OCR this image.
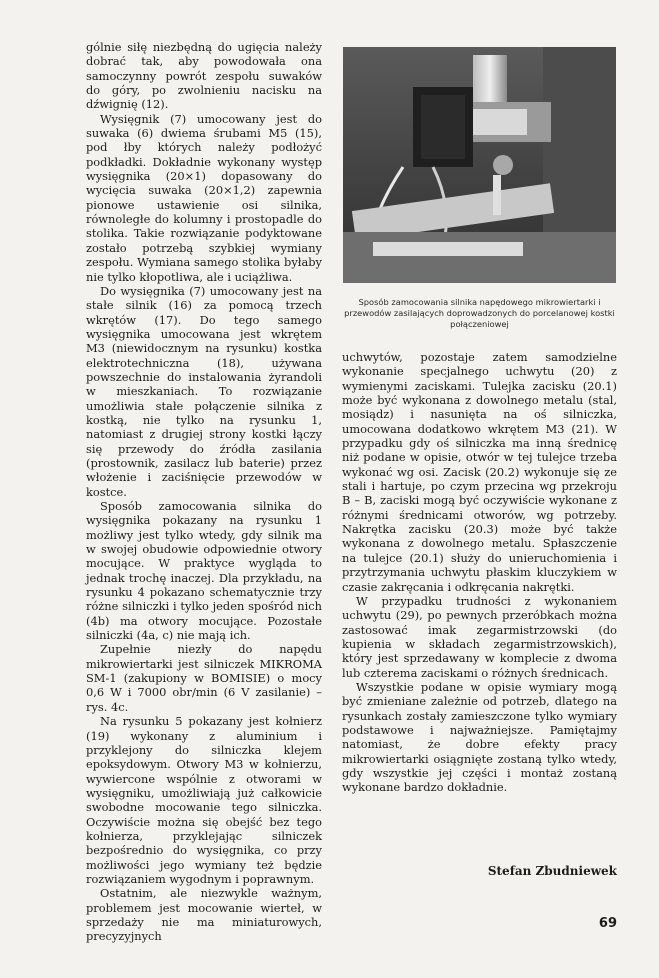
gólnie siłę niezbędną do ugięcia należy dobrać tak, aby powodowała ona samoczynny powrót zespołu suwaków do góry, po zwolnieniu nacisku na dźwignię (12).

Wysięgnik (7) umocowany jest do suwaka (6) dwiema śrubami M5 (15), pod łby których należy podłożyć podkładki. Dokładnie wykonany występ wysięgnika (20×1) dopasowany do wycięcia suwaka (20×1,2) zapewnia pionowe ustawienie osi silnika, równoległe do kolumny i prostopadle do stolika. Takie rozwiązanie podyktowane zostało potrzebą szybkiej wymiany zespołu. Wymiana samego stolika byłaby nie tylko kłopotliwa, ale i uciążliwa.

Do wysięgnika (7) umocowany jest na stałe silnik (16) za pomocą trzech wkrętów (17). Do tego samego wysięgnika umocowana jest wkrętem M3 (niewidocznym na rysunku) kostka elektrotechniczna (18), używana powszechnie do instalowania żyrandoli w mieszkaniach. To rozwiązanie umożliwia stałe połączenie silnika z kostką, nie tylko na rysunku 1, natomiast z drugiej strony kostki łączy się przewody do źródła zasilania (prostownik, zasilacz lub baterie) przez włożenie i zaciśnięcie przewodów w kostce.

Sposób zamocowania silnika do wysięgnika pokazany na rysunku 1 możliwy jest tylko wtedy, gdy silnik ma w swojej obudowie odpowiednie otwory mocujące. W praktyce wygląda to jednak trochę inaczej. Dla przykładu, na rysunku 4 pokazano schematycznie trzy różne silniczki i tylko jeden spośród nich (4b) ma otwory mocujące. Pozostałe silniczki (4a, c) nie mają ich.

Zupełnie niezły do napędu mikrowiertarki jest silniczek MIKROMA SM-1 (zakupiony w BOMISIE) o mocy 0,6 W i 7000 obr/min (6 V zasilanie) – rys. 4c.

Na rysunku 5 pokazany jest kołnierz (19) wykonany z aluminium i przyklejony do silniczka klejem epoksydowym. Otwory M3 w kołnierzu, wywiercone wspólnie z otworami w wysięgniku, umożliwiają już całkowicie swobodne mocowanie tego silniczka. Oczywiście można się obejść bez tego kołnierza, przyklejając silniczek bezpośrednio do wysięgnika, co przy możliwości jego wymiany też będzie rozwiązaniem wygodnym i poprawnym.

Ostatnim, ale niezwykle ważnym, problemem jest mocowanie wierteł, w sprzedaży nie ma miniaturowych, precyzyjnych

Sposób zamocowania silnika napędowego mikrowiertarki i przewodów zasilających doprowadzonych do porcelanowej kostki połączeniowej

uchwytów, pozostaje zatem samodzielne wykonanie specjalnego uchwytu (20) z wymienymi zaciskami. Tulejka zacisku (20.1) może być wykonana z dowolnego metalu (stal, mosiądz) i nasunięta na oś silniczka, umocowana dodatkowo wkrętem M3 (21). W przypadku gdy oś silniczka ma inną średnicę niż podane w opisie, otwór w tej tulejce trzeba wykonać wg osi. Zacisk (20.2) wykonuje się ze stali i hartuje, po czym przecina wg przekroju B – B, zaciski mogą być oczywiście wykonane z różnymi średnicami otworów, wg potrzeby. Nakrętka zacisku (20.3) może być także wykonana z dowolnego metalu. Spłaszczenie na tulejce (20.1) służy do unieruchomienia i przytrzymania uchwytu płaskim kluczykiem w czasie zakręcania i odkręcania nakrętki.

W przypadku trudności z wykonaniem uchwytu (29), po pewnych przeróbkach można zastosować imak zegarmistrzowski (do kupienia w składach zegarmistrzowskich), który jest sprzedawany w komplecie z dwoma lub czterema zaciskami o różnych średnicach.

Wszystkie podane w opisie wymiary mogą być zmieniane zależnie od potrzeb, dlatego na rysunkach zostały zamieszczone tylko wymiary podstawowe i najważniejsze. Pamiętajmy natomiast, że dobre efekty pracy mikrowiertarki osiągnięte zostaną tylko wtedy, gdy wszystkie jej części i montaż zostaną wykonane bardzo dokładnie.

Stefan Zbudniewek
69
